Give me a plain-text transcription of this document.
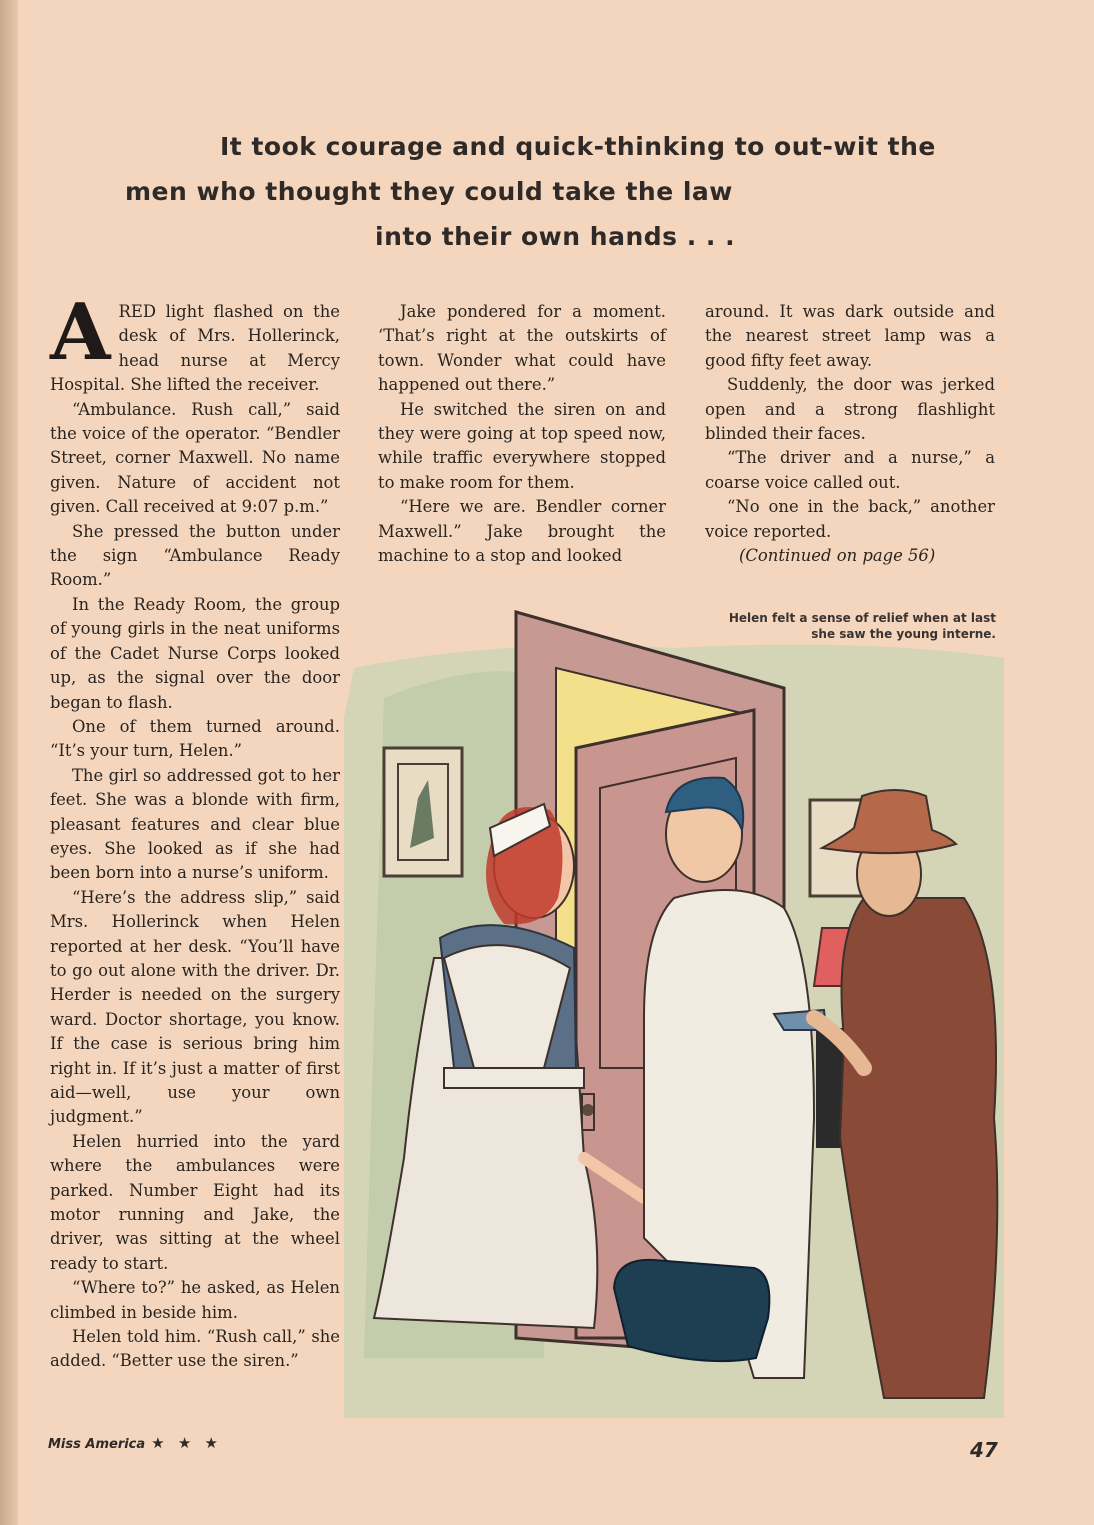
It took courage and quick-thinking to out-wit the
men who thought they could take the law
into their own hands . . .
A RED light flashed on the desk of Mrs. Hollerinck, head nurse at Mercy Hospital. She lifted the receiver.

“Ambulance. Rush call,” said the voice of the operator. “Bendler Street, corner Maxwell. No name given. Nature of accident not given. Call received at 9:07 p.m.”

She pressed the button under the sign “Ambulance Ready Room.”

In the Ready Room, the group of young girls in the neat uniforms of the Cadet Nurse Corps looked up, as the signal over the door began to flash.

One of them turned around. “It’s your turn, Helen.”

The girl so addressed got to her feet. She was a blonde with firm, pleasant features and clear blue eyes. She looked as if she had been born into a nurse’s uniform.

“Here’s the address slip,” said Mrs. Hollerinck when Helen reported at her desk. “You’ll have to go out alone with the driver. Dr. Herder is needed on the surgery ward. Doctor shortage, you know. If the case is serious bring him right in. If it’s just a matter of first aid—well, use your own judgment.”

Helen hurried into the yard where the ambulances were parked. Number Eight had its motor running and Jake, the driver, was sitting at the wheel ready to start.

“Where to?” he asked, as Helen climbed in beside him.

Helen told him. “Rush call,” she added. “Better use the siren.”

Jake pondered for a moment. ‘That’s right at the outskirts of town. Wonder what could have happened out there.”

He switched the siren on and they were going at top speed now, while traffic everywhere stopped to make room for them.

“Here we are. Bendler corner Maxwell.” Jake brought the machine to a stop and looked

around. It was dark outside and the nearest street lamp was a good fifty feet away.

Suddenly, the door was jerked open and a strong flashlight blinded their faces.

“The driver and a nurse,” a coarse voice called out.

“No one in the back,” another voice reported.

(Continued on page 56)

Helen felt a sense of relief when at last she saw the young interne.
Miss America ★ ★ ★	47
